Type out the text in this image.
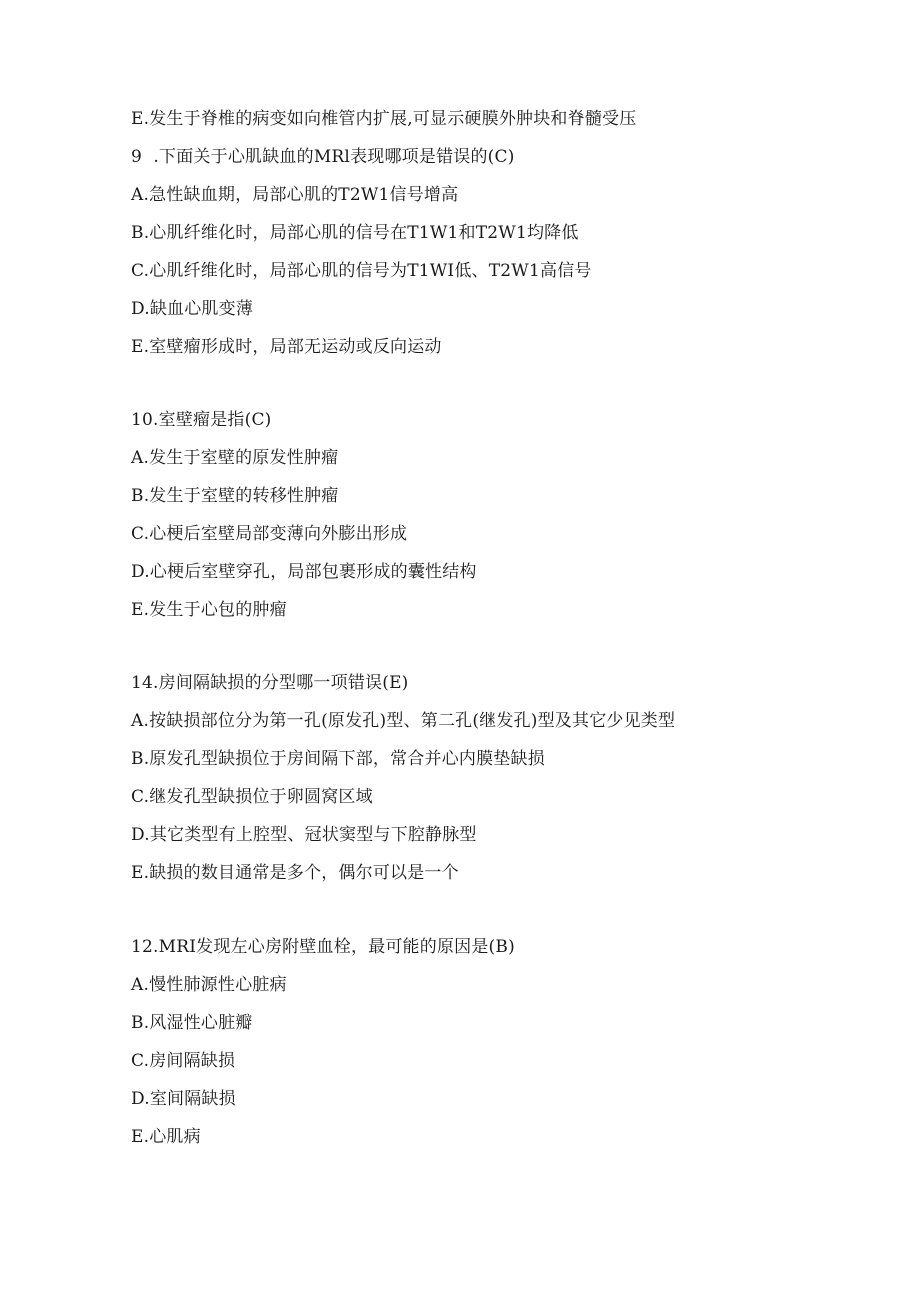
E.发生于脊椎的病变如向椎管内扩展,可显示硬膜外肿块和脊髓受压
9	.下面关于心肌缺血的MRl表现哪项是错误的(C)
A.急性缺血期，局部心肌的T2W1信号增高
B.心肌纤维化时，局部心肌的信号在T1W1和T2W1均降低
C.心肌纤维化时，局部心肌的信号为T1WI低、T2W1高信号
D.缺血心肌变薄
E.室壁瘤形成时，局部无运动或反向运动
10.室壁瘤是指(C)
A.发生于室壁的原发性肿瘤
B.发生于室壁的转移性肿瘤
C.心梗后室壁局部变薄向外膨出形成
D.心梗后室壁穿孔，局部包裹形成的囊性结构
E.发生于心包的肿瘤
14.房间隔缺损的分型哪一项错误(E)
A.按缺损部位分为第一孔(原发孔)型、第二孔(继发孔)型及其它少见类型
B.原发孔型缺损位于房间隔下部，常合并心内膜垫缺损
C.继发孔型缺损位于卵圆窝区域
D.其它类型有上腔型、冠状窦型与下腔静脉型
E.缺损的数目通常是多个，偶尔可以是一个
12.MRI发现左心房附壁血栓，最可能的原因是(B)
A.慢性肺源性心脏病
B.风湿性心脏瓣
C.房间隔缺损
D.室间隔缺损
E.心肌病
